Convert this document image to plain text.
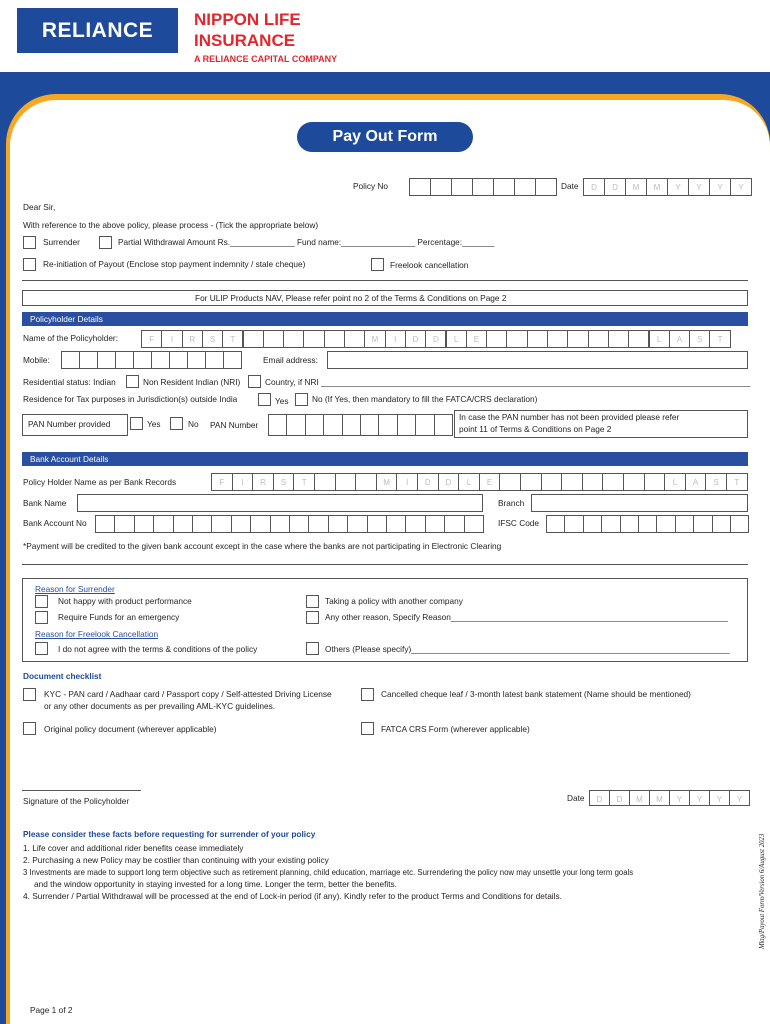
RELIANCE	NIPPON LIFE
INSURANCE
A RELIANCE CAPITAL COMPANY
Pay Out Form
Policy No	Date	D	D	M	M	Y	Y	Y	Y
Dear Sir,
With reference to the above policy, please process - (Tick the appropriate below)
Surrender	Partial Withdrawal Amount Rs.______________ Fund name:________________ Percentage:_______
Re-initiation of Payout (Enclose stop payment indemnity / stale cheque)	Freelook cancellation
For ULIP Products NAV, Please refer point no 2 of the Terms & Conditions on Page 2
Policyholder Details
Name of the Policyholder:	F	I	R	S	T	M	I	D	D	L	E	L	A	S	T
Mobile:	Email address:
Residential status: Indian	Non Resident Indian (NRI)	Country, if NRI _____________________________________________________________________________________________
Residence for Tax purposes in Jurisdiction(s) outside India	Yes	No (If Yes, then mandatory to fill the FATCA/CRS declaration)
PAN Number provided	Yes	No PAN Number
In case the PAN number has not been provided please refer
point 11 of Terms & Conditions on Page 2
Bank Account Details
Policy Holder Name as per Bank Records	F	I	R	S	T	M	I	D	D	L	E	L	A	S	T
Bank Name	Branch
Bank Account No	IFSC Code
*Payment will be credited to the given bank account except in the case where the banks are not participating in Electronic Clearing
Reason for Surrender
Not happy with product performance
Require Funds for an emergency
Taking a policy with another company
Any other reason, Specify Reason____________________________________________________________
Reason for Freelook Cancellation
I do not agree with the terms & conditions of the policy	Others (Please specify)_____________________________________________________________________
Document checklist
KYC - PAN card / Aadhaar card / Passport copy / Self-attested Driving License
or any other documents as per prevailing AML-KYC guidelines.
Cancelled cheque leaf / 3-month latest bank statement (Name should be mentioned)
Original policy document (wherever applicable)	FATCA CRS Form (wherever applicable)
Signature of the Policyholder	Date	D	D	M	M	Y	Y	Y	Y
Please consider these facts before requesting for surrender of your policy
1. Life cover and additional rider benefits cease immediately
2. Purchasing a new Policy may be costlier than continuing with your existing policy
3 Investments are made to support long term objective such as retirement planning, child education, marriage etc. Surrendering the policy now may unsettle your long term goals
and the window opportunity in staying invested for a long time. Longer the term, better the benefits.
4. Surrender / Partial Withdrawal will be processed at the end of Lock-in period (if any). Kindly refer to the product Terms and Conditions for details.	Mktg/Payout Form/Version 6/August 2023
Page 1 of 2
